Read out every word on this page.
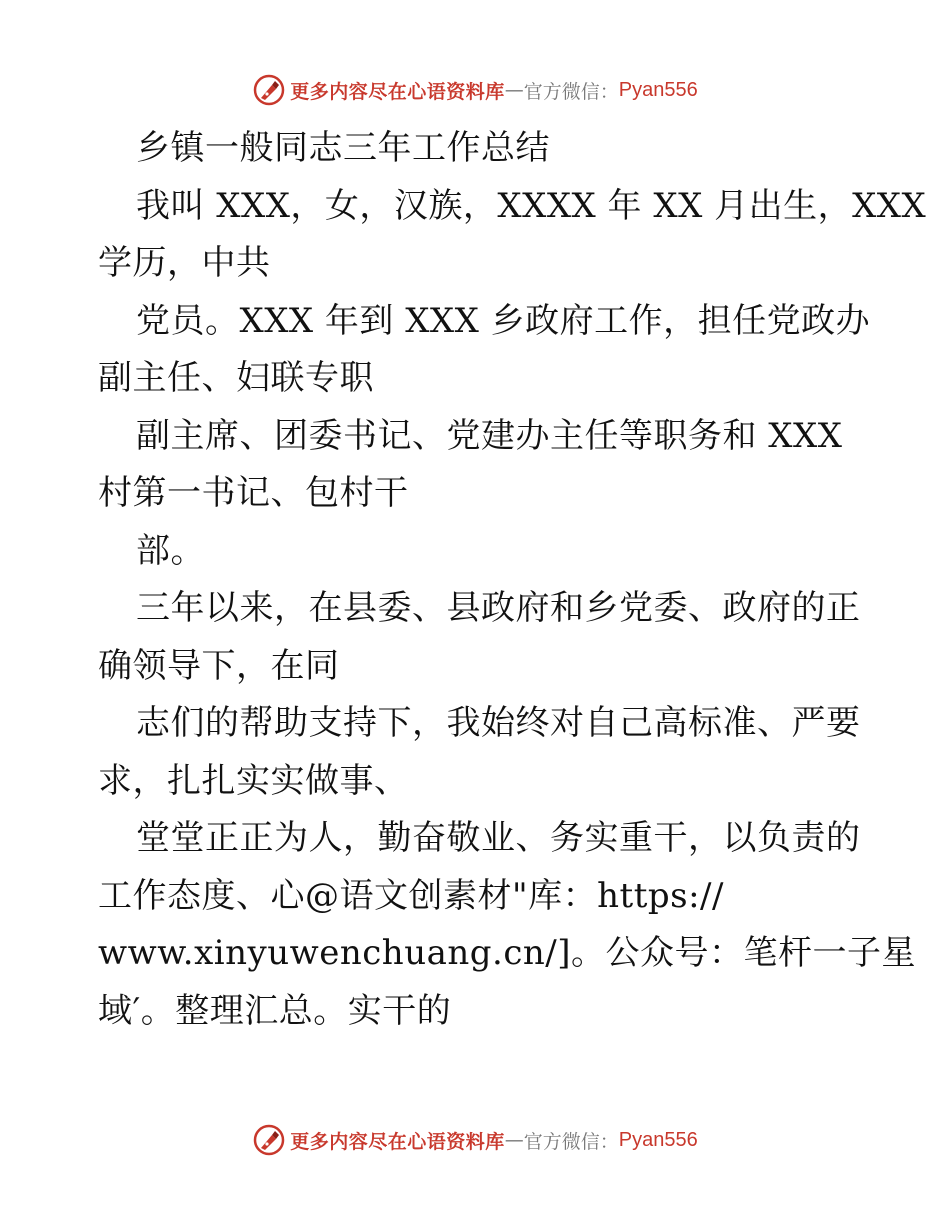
更多内容尽在心语资料库 — 官方微信： Pyan556
乡镇一般同志三年工作总结
我叫 XXX，女，汉族，XXXX 年 XX 月出生，XXX
学历，中共
党员。XXX 年到 XXX 乡政府工作，担任党政办
副主任、妇联专职
副主席、团委书记、党建办主任等职务和 XXX
村第一书记、包村干
部。
三年以来，在县委、县政府和乡党委、政府的正
确领导下，在同
志们的帮助支持下，我始终对自己高标准、严要
求，扎扎实实做事、
堂堂正正为人，勤奋敬业、务实重干，以负责的
工作态度、心@语文创素材"库：https://
www.xinyuwenchuang.cn/]。公众号：笔杆一子星
域′。整理汇总。实干的
更多内容尽在心语资料库 — 官方微信： Pyan556
